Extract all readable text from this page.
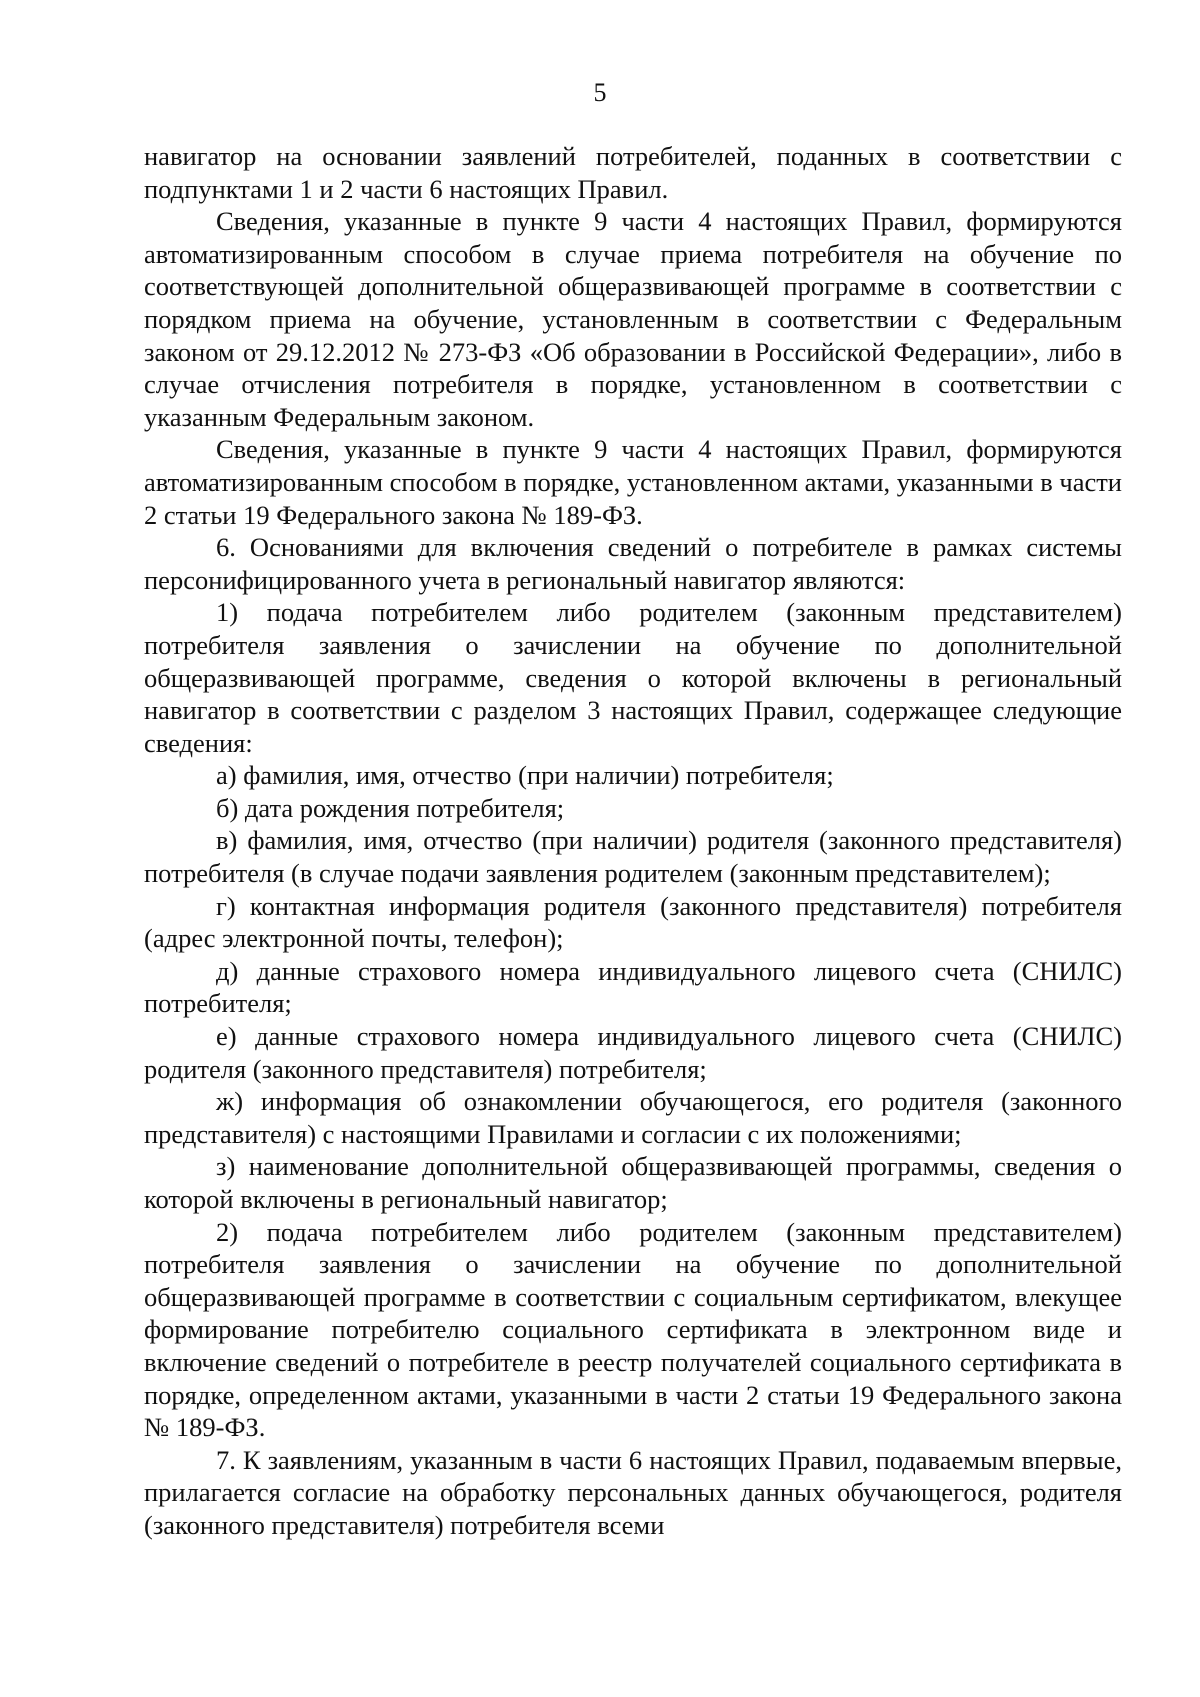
5

навигатор на основании заявлений потребителей, поданных в соответствии с подпунктами 1 и 2 части 6 настоящих Правил.

Сведения, указанные в пункте 9 части 4 настоящих Правил, формируются автоматизированным способом в случае приема потребителя на обучение по соответствующей дополнительной общеразвивающей программе в соответствии с порядком приема на обучение, установленным в соответствии с Федеральным законом от 29.12.2012 № 273-ФЗ «Об образовании в Российской Федерации», либо в случае отчисления потребителя в порядке, установленном в соответствии с указанным Федеральным законом.

Сведения, указанные в пункте 9 части 4 настоящих Правил, формируются автоматизированным способом в порядке, установленном актами, указанными в части 2 статьи 19 Федерального закона № 189-ФЗ.

6. Основаниями для включения сведений о потребителе в рамках системы персонифицированного учета в региональный навигатор являются:

1) подача потребителем либо родителем (законным представителем) потребителя заявления о зачислении на обучение по дополнительной общеразвивающей программе, сведения о которой включены в региональный навигатор в соответствии с разделом 3 настоящих Правил, содержащее следующие сведения:

а) фамилия, имя, отчество (при наличии) потребителя;

б) дата рождения потребителя;

в) фамилия, имя, отчество (при наличии) родителя (законного представителя) потребителя (в случае подачи заявления родителем (законным представителем);

г) контактная информация родителя (законного представителя) потребителя (адрес электронной почты, телефон);

д) данные страхового номера индивидуального лицевого счета (СНИЛС) потребителя;

е) данные страхового номера индивидуального лицевого счета (СНИЛС) родителя (законного представителя) потребителя;

ж) информация об ознакомлении обучающегося, его родителя (законного представителя) с настоящими Правилами и согласии с их положениями;

з) наименование дополнительной общеразвивающей программы, сведения о которой включены в региональный навигатор;

2) подача потребителем либо родителем (законным представителем) потребителя заявления о зачислении на обучение по дополнительной общеразвивающей программе в соответствии с социальным сертификатом, влекущее формирование потребителю социального сертификата в электронном виде и включение сведений о потребителе в реестр получателей социального сертификата в порядке, определенном актами, указанными в части 2 статьи 19 Федерального закона № 189-ФЗ.

7. К заявлениям, указанным в части 6 настоящих Правил, подаваемым впервые, прилагается согласие на обработку персональных данных обучающегося, родителя (законного представителя) потребителя всеми
